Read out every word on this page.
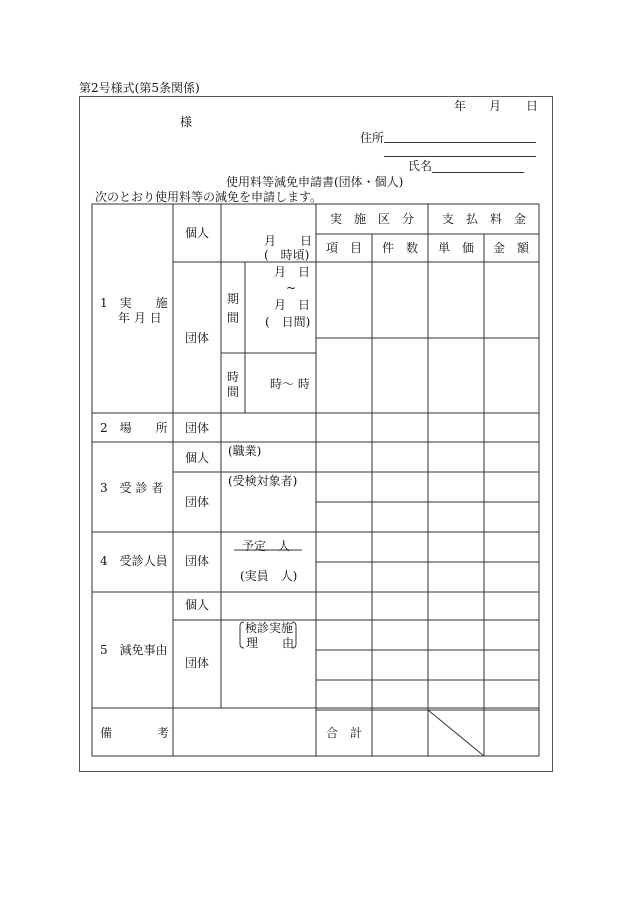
第2号様式(第5条関係)
年 月 日
様
住所
氏名
使用料等減免申請書(団体・個人)
次のとおり使用料等の減免を申請します。
実　施　区　分 支　払　料　金
項　目 件　数 単　価 金　額
1　実　　施
年 月 日
個人
月　　日
(　時頃)
団体
期
間
月　日
~
月　日
(　日間)
時
間
時～ 時
2　場　　所 団体
3　受 診 者
個人 (職業)
団体
(受検対象者)
4　受診人員 団体
予定　人
(実員　人)
5　減免事由
個人
団体
検診実施
理　　由
備	考	合　計
